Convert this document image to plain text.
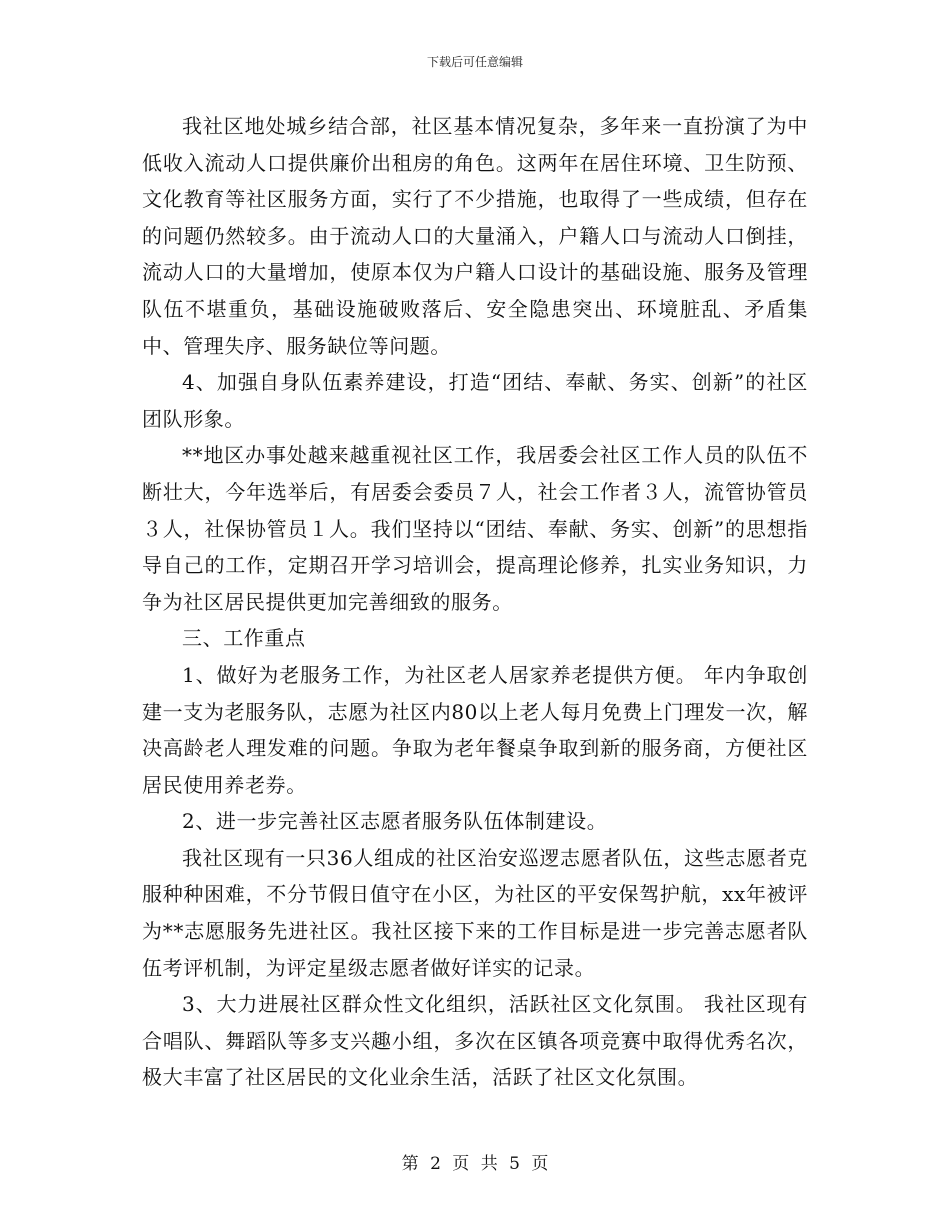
下载后可任意编辑

我社区地处城乡结合部，社区基本情况复杂，多年来一直扮演了为中低收入流动人口提供廉价出租房的角色。这两年在居住环境、卫生防预、文化教育等社区服务方面，实行了不少措施，也取得了一些成绩，但存在的问题仍然较多。由于流动人口的大量涌入，户籍人口与流动人口倒挂，流动人口的大量增加，使原本仅为户籍人口设计的基础设施、服务及管理队伍不堪重负，基础设施破败落后、安全隐患突出、环境脏乱、矛盾集中、管理失序、服务缺位等问题。

4、加强自身队伍素养建设，打造“团结、奉献、务实、创新”的社区团队形象。

**地区办事处越来越重视社区工作，我居委会社区工作人员的队伍不断壮大，今年选举后，有居委会委员７人，社会工作者３人，流管协管员３人，社保协管员１人。我们坚持以“团结、奉献、务实、创新”的思想指导自己的工作，定期召开学习培训会，提高理论修养，扎实业务知识，力争为社区居民提供更加完善细致的服务。

三、工作重点

1、做好为老服务工作，为社区老人居家养老提供方便。 年内争取创建一支为老服务队，志愿为社区内80以上老人每月免费上门理发一次，解决高龄老人理发难的问题。争取为老年餐桌争取到新的服务商，方便社区居民使用养老券。

2、进一步完善社区志愿者服务队伍体制建设。

我社区现有一只36人组成的社区治安巡逻志愿者队伍，这些志愿者克服种种困难，不分节假日值守在小区，为社区的平安保驾护航，xx年被评为**志愿服务先进社区。我社区接下来的工作目标是进一步完善志愿者队伍考评机制，为评定星级志愿者做好详实的记录。

3、大力进展社区群众性文化组织，活跃社区文化氛围。 我社区现有合唱队、舞蹈队等多支兴趣小组，多次在区镇各项竞赛中取得优秀名次，极大丰富了社区居民的文化业余生活，活跃了社区文化氛围。

第 2 页 共 5 页
